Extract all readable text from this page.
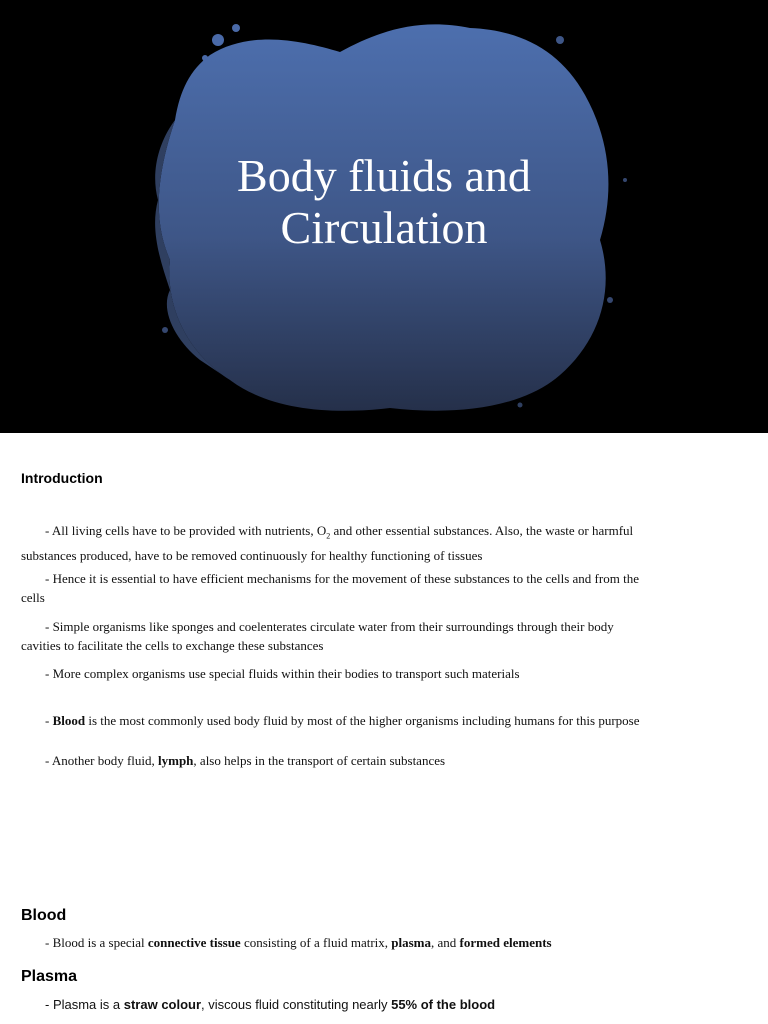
Body fluids and
Circulation
Introduction
- All living cells have to be provided with nutrients, $O_2$ and other essential substances. Also, the waste or harmful
substances produced, have to be removed continuously for healthy functioning of tissues
- Hence it is essential to have efficient mechanisms for the movement of these substances to the cells and from the
cells
- Simple organisms like sponges and coelenterates circulate water from their surroundings through their body
cavities to facilitate the cells to exchange these substances
- More complex organisms use special fluids within their bodies to transport such materials
- Blood is the most commonly used body fluid by most of the higher organisms including humans for this purpose
- Another body fluid, lymph, also helps in the transport of certain substances
Blood
- Blood is a special connective tissue consisting of a fluid matrix, plasma, and formed elements
Plasma
- Plasma is a straw colour, viscous fluid constituting nearly 55% of the blood
